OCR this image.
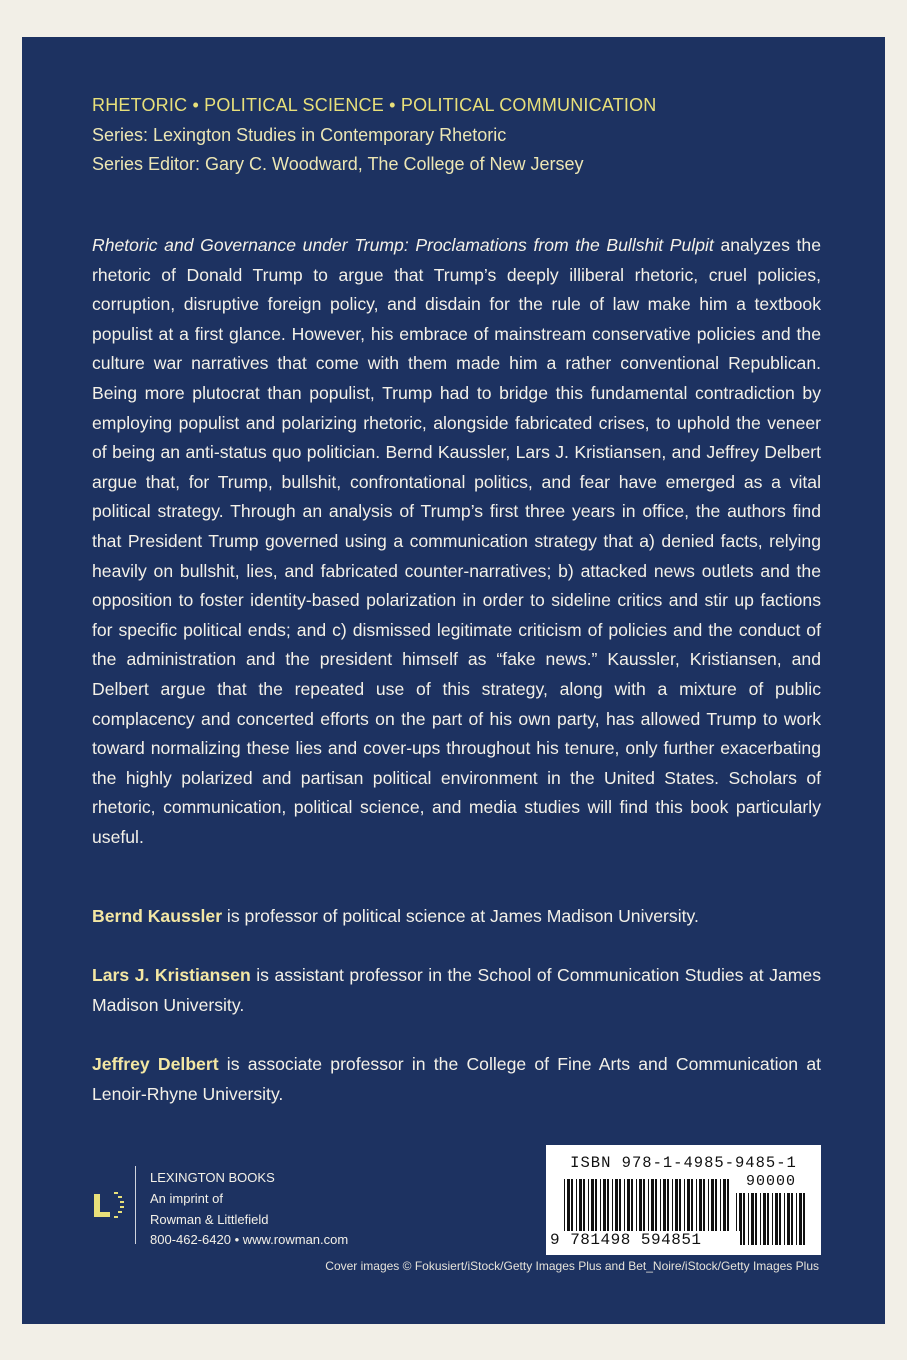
RHETORIC • POLITICAL SCIENCE • POLITICAL COMMUNICATION
Series: Lexington Studies in Contemporary Rhetoric
Series Editor: Gary C. Woodward, The College of New Jersey
Rhetoric and Governance under Trump: Proclamations from the Bullshit Pulpit analyzes the rhetoric of Donald Trump to argue that Trump’s deeply illiberal rhetoric, cruel policies, corruption, disruptive foreign policy, and disdain for the rule of law make him a textbook populist at a first glance. However, his embrace of mainstream conservative policies and the culture war narratives that come with them made him a rather conventional Republican. Being more plutocrat than populist, Trump had to bridge this fundamental contradiction by employing populist and polarizing rhetoric, alongside fabricated crises, to uphold the veneer of being an anti-status quo politician. Bernd Kaussler, Lars J. Kristiansen, and Jeffrey Delbert argue that, for Trump, bullshit, confrontational politics, and fear have emerged as a vital political strategy. Through an analysis of Trump’s first three years in office, the authors find that President Trump governed using a communication strategy that a) denied facts, relying heavily on bullshit, lies, and fabricated counter-narratives; b) attacked news outlets and the opposition to foster identity-based polarization in order to sideline critics and stir up factions for specific political ends; and c) dismissed legitimate criticism of policies and the conduct of the administration and the president himself as “fake news.” Kaussler, Kristiansen, and Delbert argue that the repeated use of this strategy, along with a mixture of public complacency and concerted efforts on the part of his own party, has allowed Trump to work toward normalizing these lies and cover-ups throughout his tenure, only further exacerbating the highly polarized and partisan political environment in the United States. Scholars of rhetoric, communication, political science, and media studies will find this book particularly useful.
Bernd Kaussler is professor of political science at James Madison University.
Lars J. Kristiansen is assistant professor in the School of Communication Studies at James Madison University.
Jeffrey Delbert is associate professor in the College of Fine Arts and Communication at Lenoir-Rhyne University.
LEXINGTON BOOKS
An imprint of
Rowman & Littlefield
800-462-6420 • www.rowman.com
ISBN 978-1-4985-9485-1
90000
9 781498 594851
Cover images © Fokusiert/iStock/Getty Images Plus and Bet_Noire/iStock/Getty Images Plus
